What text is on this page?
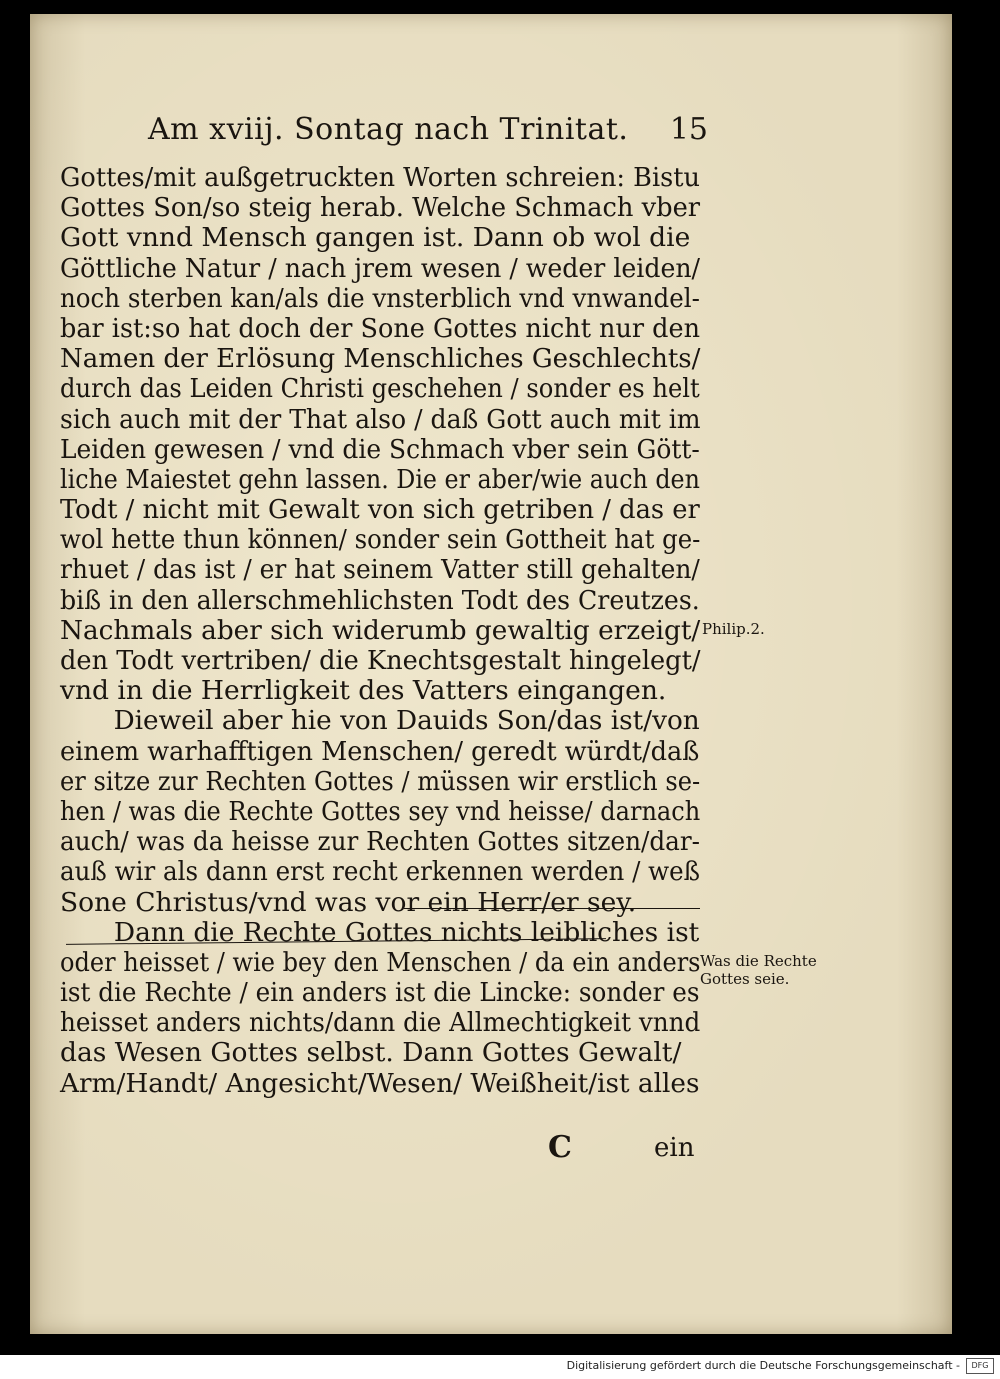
Am xviij. Sontag nach Trinitat. 15
Gottes/mit außgetruckten Worten schreien: Bistu
Gottes Son/so steig herab. Welche Schmach vber
Gott vnnd Mensch gangen ist. Dann ob wol die
Göttliche Natur / nach jrem wesen / weder leiden/
noch sterben kan/als die vnsterblich vnd vnwandel-
bar ist:so hat doch der Sone Gottes nicht nur den
Namen der Erlösung Menschliches Geschlechts/
durch das Leiden Christi geschehen / sonder es helt
sich auch mit der That also / daß Gott auch mit im
Leiden gewesen / vnd die Schmach vber sein Gött-
liche Maiestet gehn lassen. Die er aber/wie auch den
Todt / nicht mit Gewalt von sich getriben / das er
wol hette thun können/ sonder sein Gottheit hat ge-
rhuet / das ist / er hat seinem Vatter still gehalten/
biß in den allerschmehlichsten Todt des Creutzes.
Nachmals aber sich widerumb gewaltig erzeigt/
den Todt vertriben/ die Knechtsgestalt hingelegt/
vnd in die Herrligkeit des Vatters eingangen.
Dieweil aber hie von Dauids Son/das ist/von
einem warhafftigen Menschen/ geredt würdt/daß
er sitze zur Rechten Gottes / müssen wir erstlich se-
hen / was die Rechte Gottes sey vnd heisse/ darnach
auch/ was da heisse zur Rechten Gottes sitzen/dar-
auß wir als dann erst recht erkennen werden / weß
Sone Christus/vnd was vor ein Herr/er sey.
Dann die Rechte Gottes nichts leibliches ist
oder heisset / wie bey den Menschen / da ein anders
ist die Rechte / ein anders ist die Lincke: sonder es
heisset anders nichts/dann die Allmechtigkeit vnnd
das Wesen Gottes selbst. Dann Gottes Gewalt/
Arm/Handt/ Angesicht/Wesen/ Weißheit/ist alles
Philip.2.
Was die Rechte
Gottes seie.
C	ein
Digitalisierung gefördert durch die Deutsche Forschungsgemeinschaft -	DFG
